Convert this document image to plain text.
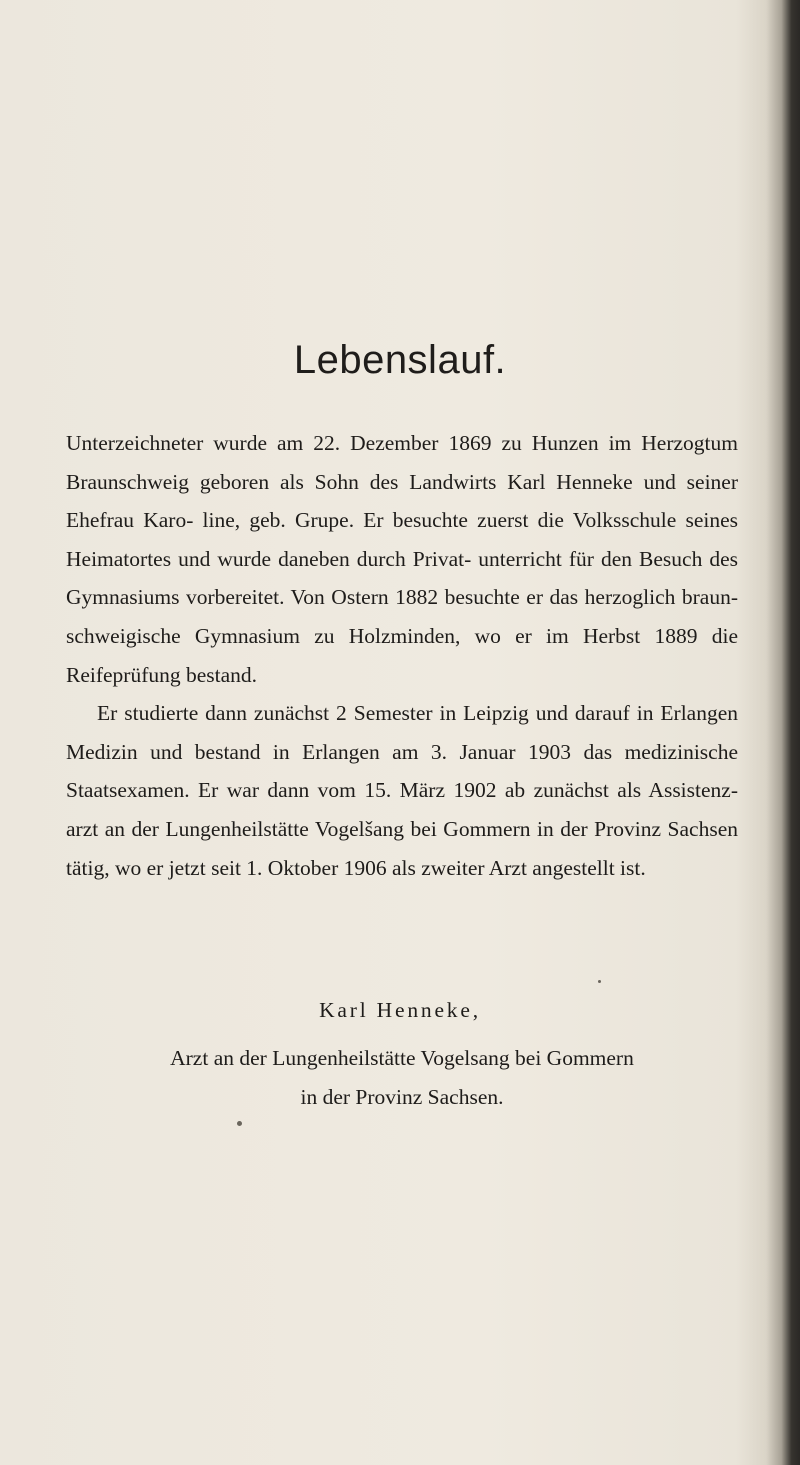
Lebenslauf.

Unterzeichneter wurde am 22. Dezember 1869 zu Hunzen im Herzogtum Braunschweig geboren als Sohn des Landwirts Karl Henneke und seiner Ehefrau Karo- line, geb. Grupe. Er besuchte zuerst die Volksschule seines Heimatortes und wurde daneben durch Privat- unterricht für den Besuch des Gymnasiums vorbereitet. Von Ostern 1882 besuchte er das herzoglich braun- schweigische Gymnasium zu Holzminden, wo er im Herbst 1889 die Reifeprüfung bestand.

Er studierte dann zunächst 2 Semester in Leipzig und darauf in Erlangen Medizin und bestand in Erlangen am 3. Januar 1903 das medizinische Staatsexamen. Er war dann vom 15. März 1902 ab zunächst als Assistenz- arzt an der Lungenheilstätte Vogelšang bei Gommern in der Provinz Sachsen tätig, wo er jetzt seit 1. Oktober 1906 als zweiter Arzt angestellt ist.

Karl Henneke,
Arzt an der Lungenheilstätte Vogelsang bei Gommern
in der Provinz Sachsen.
